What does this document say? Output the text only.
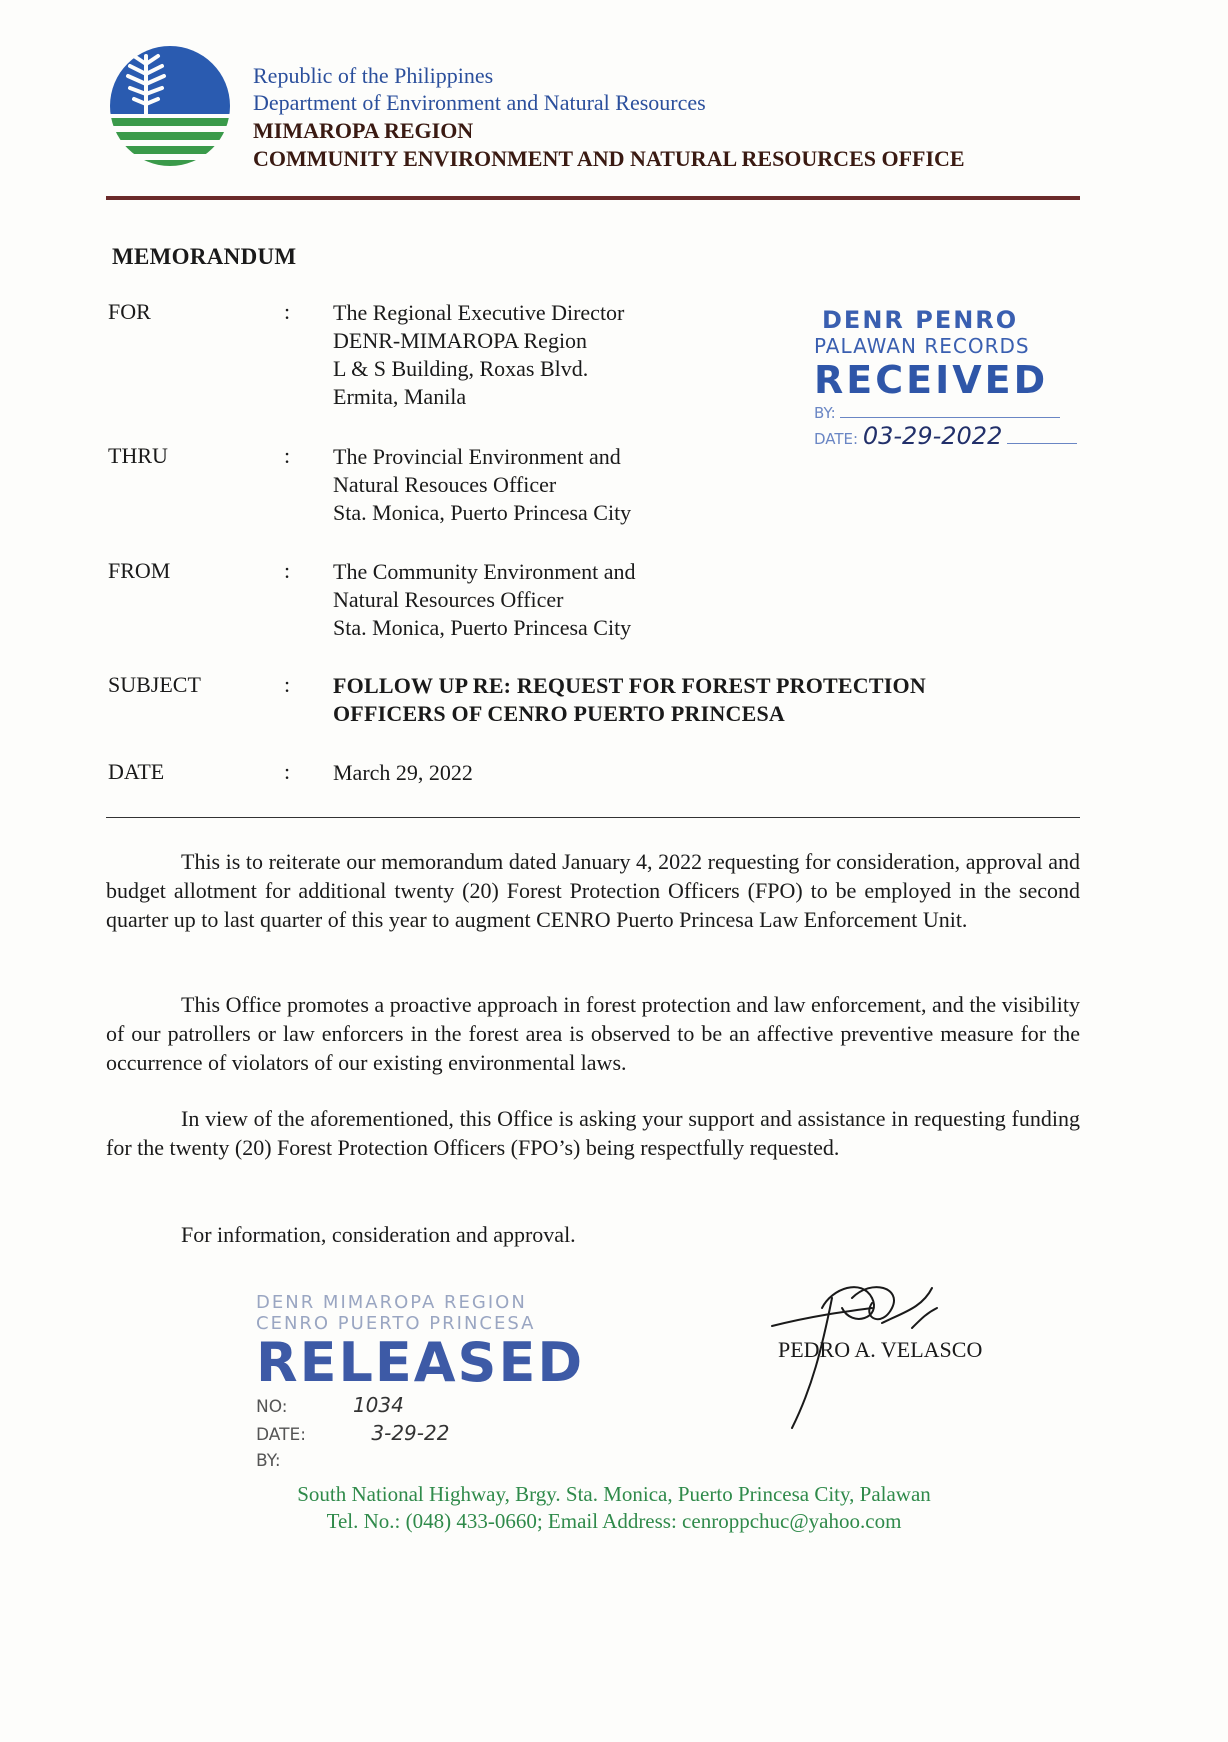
Republic of the Philippines
Department of Environment and Natural Resources
MIMAROPA REGION
COMMUNITY ENVIRONMENT AND NATURAL RESOURCES OFFICE
MEMORANDUM
FOR	: The Regional Executive Director
DENR-MIMAROPA Region
L & S Building, Roxas Blvd.
Ermita, Manila
THRU	: The Provincial Environment and
Natural Resouces Officer
Sta. Monica, Puerto Princesa City
FROM	: The Community Environment and
Natural Resources Officer
Sta. Monica, Puerto Princesa City
SUBJECT	: FOLLOW UP RE: REQUEST FOR FOREST PROTECTION
OFFICERS OF CENRO PUERTO PRINCESA
DATE	: March 29, 2022
This is to reiterate our memorandum dated January 4, 2022 requesting for consideration, approval and budget allotment for additional twenty (20) Forest Protection Officers (FPO) to be employed in the second quarter up to last quarter of this year to augment CENRO Puerto Princesa Law Enforcement Unit.
This Office promotes a proactive approach in forest protection and law enforcement, and the visibility of our patrollers or law enforcers in the forest area is observed to be an affective preventive measure for the occurrence of violators of our existing environmental laws.
In view of the aforementioned, this Office is asking your support and assistance in requesting funding for the twenty (20) Forest Protection Officers (FPO’s) being respectfully requested.
For information, consideration and approval.
DENR PENRO
PALAWAN RECORDS
RECEIVED
BY:
DATE: 03-29-2022
DENR MIMAROPA REGION
CENRO PUERTO PRINCESA
RELEASED
NO:	1034
DATE:	3-29-22
BY:
PEDRO A. VELASCO
South National Highway, Brgy. Sta. Monica, Puerto Princesa City, Palawan
Tel. No.: (048) 433-0660; Email Address: cenroppchuc@yahoo.com
